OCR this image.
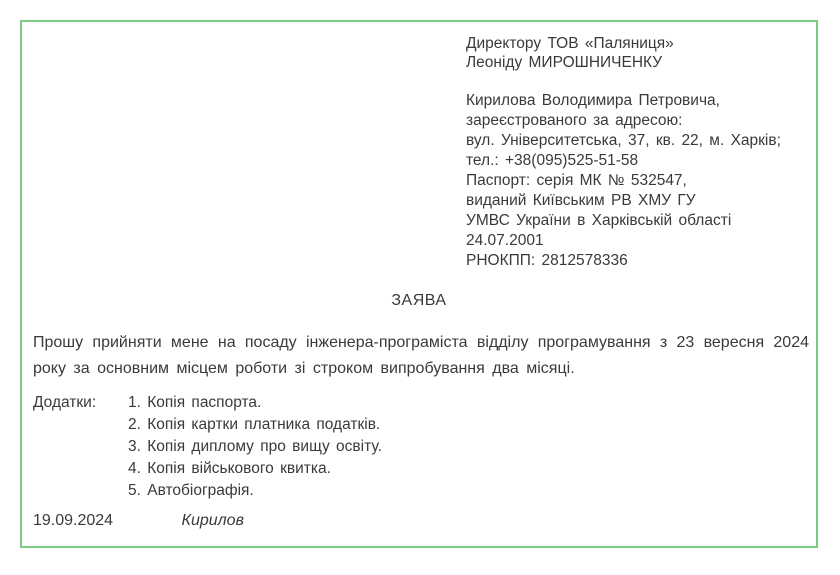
Директору ТОВ «Паляниця»
Леоніду МИРОШНИЧЕНКУ
Кирилова Володимира Петровича,
зареєстрованого за адресою:
вул. Університетська, 37, кв. 22, м. Харків;
тел.: +38(095)525-51-58
Паспорт: серія МК № 532547,
виданий Київським РВ ХМУ ГУ
УМВС України в Харківській області
24.07.2001
РНОКПП: 2812578336
ЗАЯВА
Прошу прийняти мене на посаду інженера-програміста відділу програмування з 23 вересня 2024 року за основним місцем роботи зі строком випробування два місяці.
Додатки: 1. Копія паспорта.
2. Копія картки платника податків.
3. Копія диплому про вищу освіту.
4. Копія військового квитка.
5. Автобіографія.
19.09.2024	Кирилов
